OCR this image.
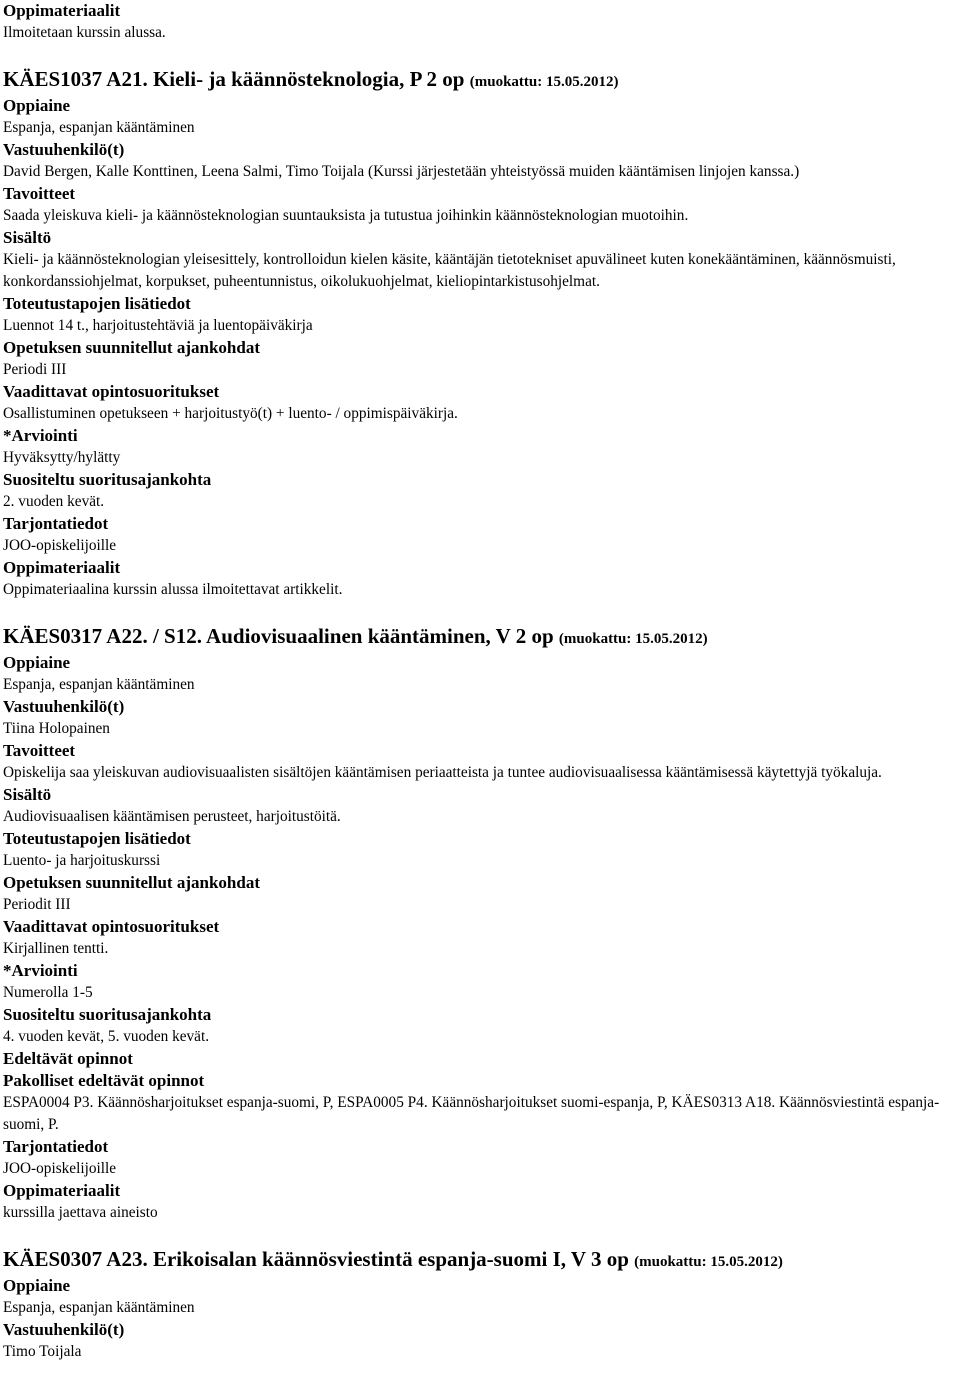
Oppimateriaalit
Ilmoitetaan kurssin alussa.
KÄES1037 A21. Kieli- ja käännösteknologia, P 2 op (muokattu: 15.05.2012)
Oppiaine
Espanja, espanjan kääntäminen
Vastuuhenkilö(t)
David Bergen, Kalle Konttinen, Leena Salmi, Timo Toijala (Kurssi järjestetään yhteistyössä muiden kääntämisen linjojen kanssa.)
Tavoitteet
Saada yleiskuva kieli- ja käännösteknologian suuntauksista ja tutustua joihinkin käännösteknologian muotoihin.
Sisältö
Kieli- ja käännösteknologian yleisesittely, kontrolloidun kielen käsite, kääntäjän tietotekniset apuvälineet kuten konekääntäminen, käännösmuisti, konkordanssiohjelmat, korpukset, puheentunnistus, oikolukuohjelmat, kieliopintarkistusohjelmat.
Toteutustapojen lisätiedot
Luennot 14 t., harjoitustehtäviä ja luentopäiväkirja
Opetuksen suunnitellut ajankohdat
Periodi III
Vaadittavat opintosuoritukset
Osallistuminen opetukseen + harjoitustyö(t) + luento- / oppimispäiväkirja.
*Arviointi
Hyväksytty/hylätty
Suositeltu suoritusajankohta
2. vuoden kevät.
Tarjontatiedot
JOO-opiskelijoille
Oppimateriaalit
Oppimateriaalina kurssin alussa ilmoitettavat artikkelit.
KÄES0317 A22. / S12. Audiovisuaalinen kääntäminen, V 2 op (muokattu: 15.05.2012)
Oppiaine
Espanja, espanjan kääntäminen
Vastuuhenkilö(t)
Tiina Holopainen
Tavoitteet
Opiskelija saa yleiskuvan audiovisuaalisten sisältöjen kääntämisen periaatteista ja tuntee audiovisuaalisessa kääntämisessä käytettyjä työkaluja.
Sisältö
Audiovisuaalisen kääntämisen perusteet, harjoitustöitä.
Toteutustapojen lisätiedot
Luento- ja harjoituskurssi
Opetuksen suunnitellut ajankohdat
Periodit III
Vaadittavat opintosuoritukset
Kirjallinen tentti.
*Arviointi
Numerolla 1-5
Suositeltu suoritusajankohta
4. vuoden kevät, 5. vuoden kevät.
Edeltävät opinnot
Pakolliset edeltävät opinnot
ESPA0004 P3. Käännösharjoitukset espanja-suomi, P, ESPA0005 P4. Käännösharjoitukset suomi-espanja, P, KÄES0313 A18. Käännösviestintä espanja-suomi, P.
Tarjontatiedot
JOO-opiskelijoille
Oppimateriaalit
kurssilla jaettava aineisto
KÄES0307 A23. Erikoisalan käännösviestintä espanja-suomi I, V 3 op (muokattu: 15.05.2012)
Oppiaine
Espanja, espanjan kääntäminen
Vastuuhenkilö(t)
Timo Toijala
